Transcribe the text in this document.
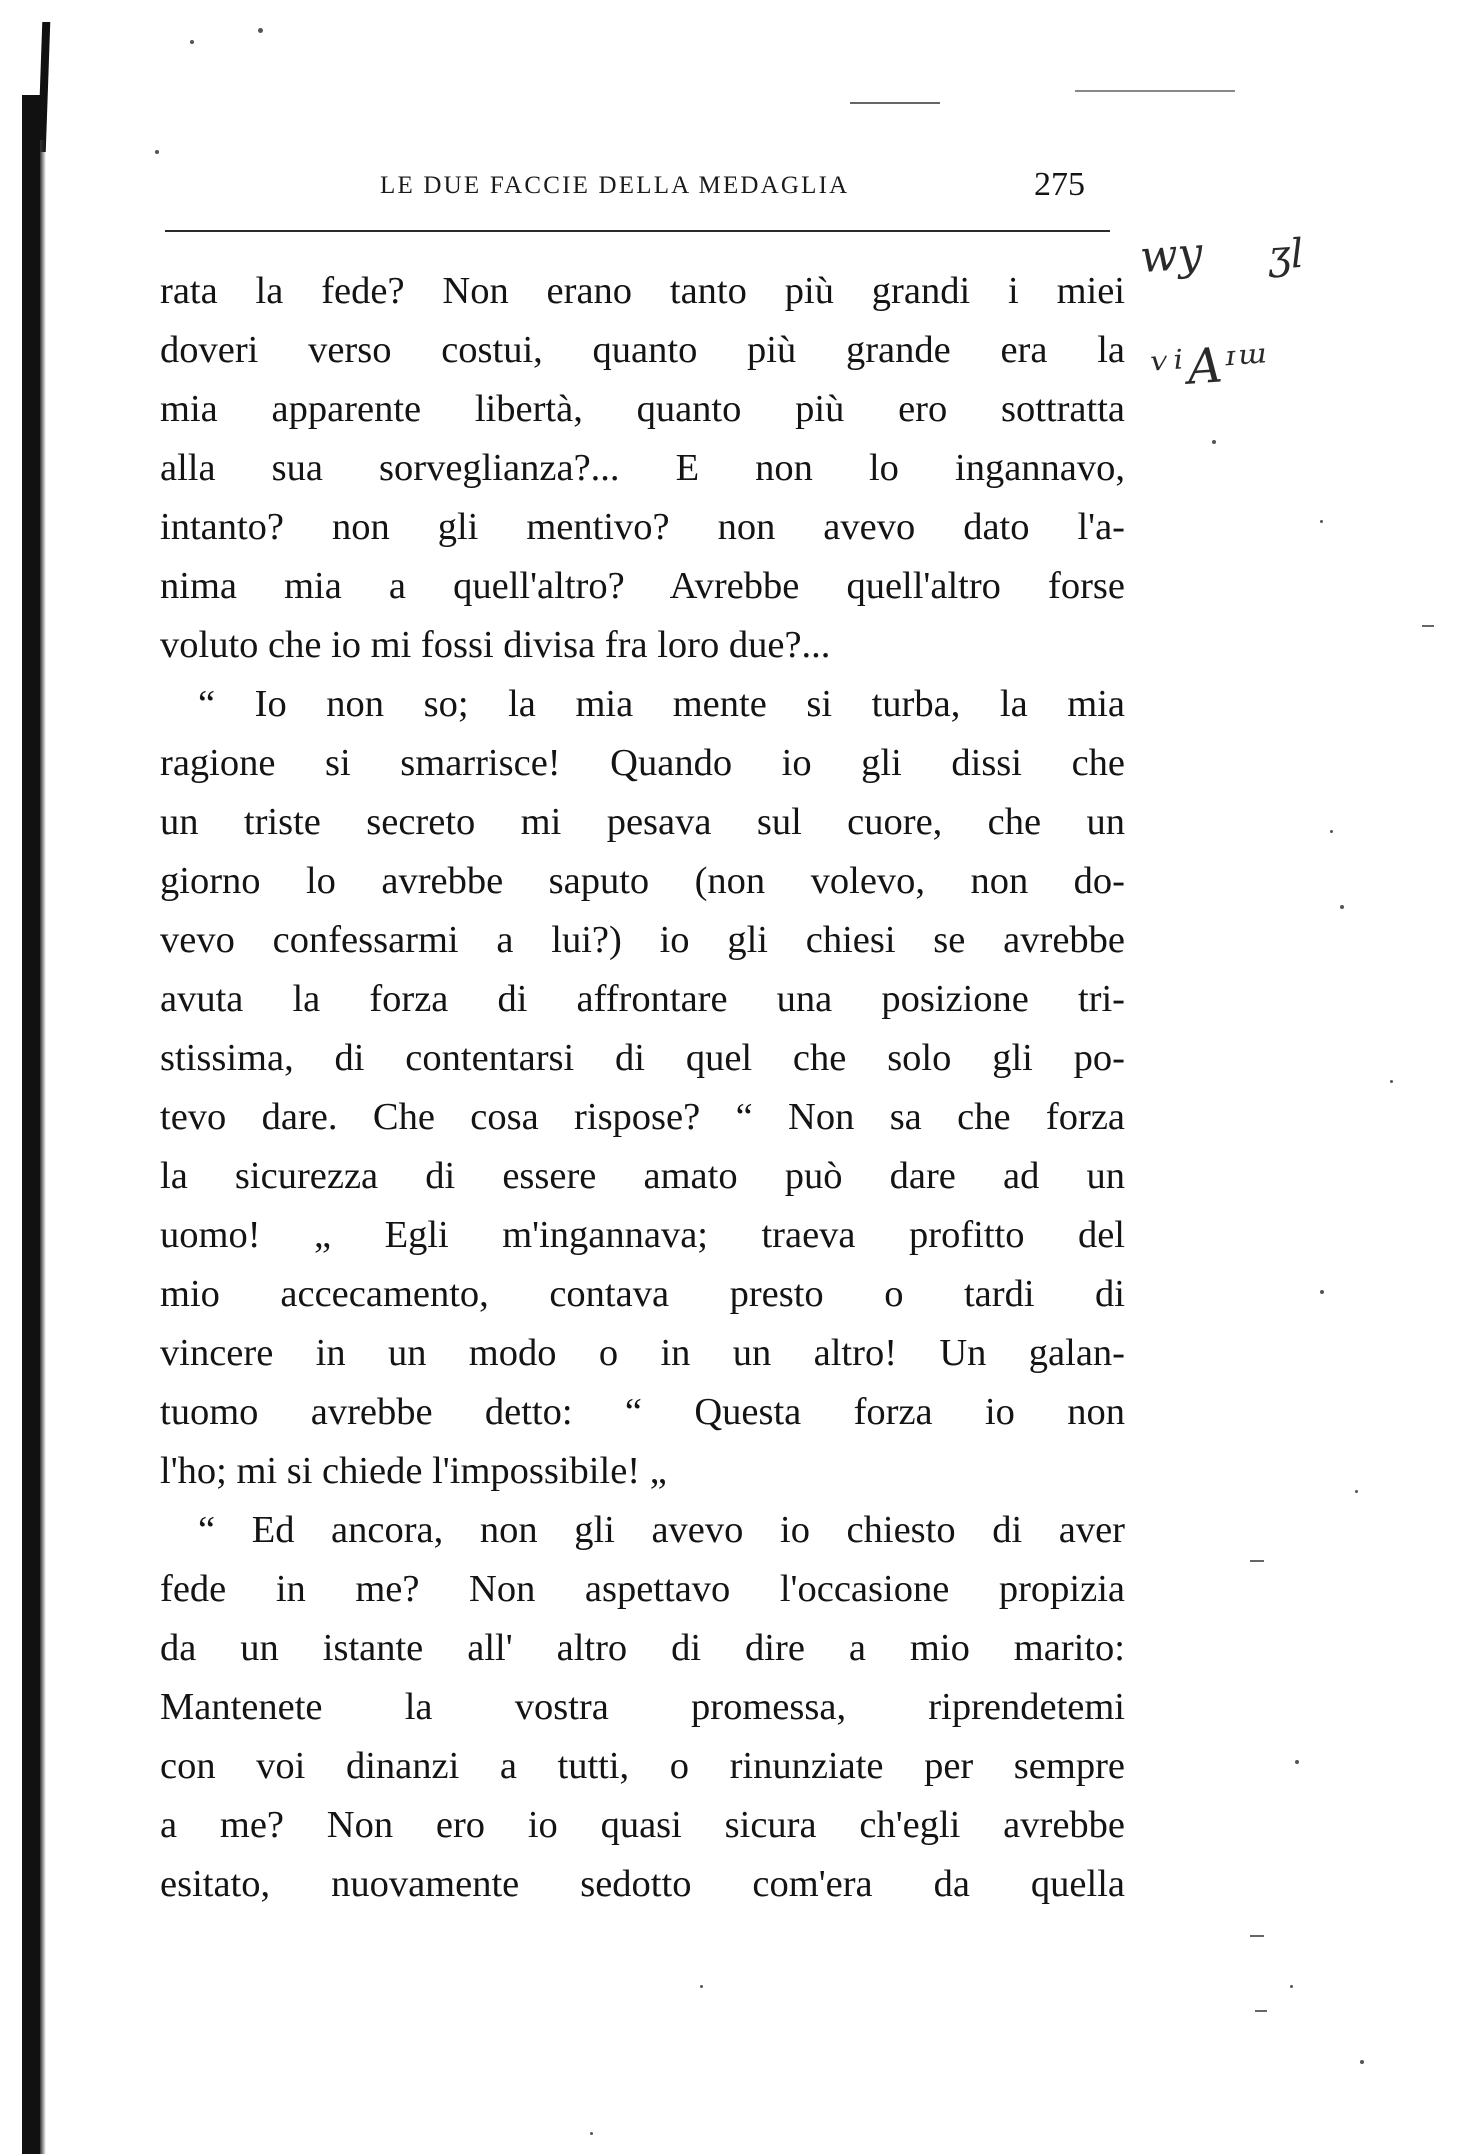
LE DUE FACCIE DELLA MEDAGLIA	275
rata la fede? Non erano tanto più grandi i miei
doveri verso costui, quanto più grande era la
mia apparente libertà, quanto più ero sottratta
alla sua sorveglianza?... E non lo ingannavo,
intanto? non gli mentivo? non avevo dato l'a-
nima mia a quell'altro? Avrebbe quell'altro forse
voluto che io mi fossi divisa fra loro due?...
“ Io non so; la mia mente si turba, la mia
ragione si smarrisce! Quando io gli dissi che
un triste secreto mi pesava sul cuore, che un
giorno lo avrebbe saputo (non volevo, non do-
vevo confessarmi a lui?) io gli chiesi se avrebbe
avuta la forza di affrontare una posizione tri-
stissima, di contentarsi di quel che solo gli po-
tevo dare. Che cosa rispose? “ Non sa che forza
la sicurezza di essere amato può dare ad un
uomo! „ Egli m'ingannava; traeva profitto del
mio accecamento, contava presto o tardi di
vincere in un modo o in un altro! Un galan-
tuomo avrebbe detto: “ Questa forza io non
l'ho; mi si chiede l'impossibile! „
“ Ed ancora, non gli avevo io chiesto di aver
fede in me? Non aspettavo l'occasione propizia
da un istante all' altro di dire a mio marito:
Mantenete la vostra promessa, riprendetemi
con voi dinanzi a tutti, o rinunziate per sempre
a me? Non ero io quasi sicura ch'egli avrebbe
esitato, nuovamente sedotto com'era da quella
wy ʒl
ᵛⁱAᶦᵚ
